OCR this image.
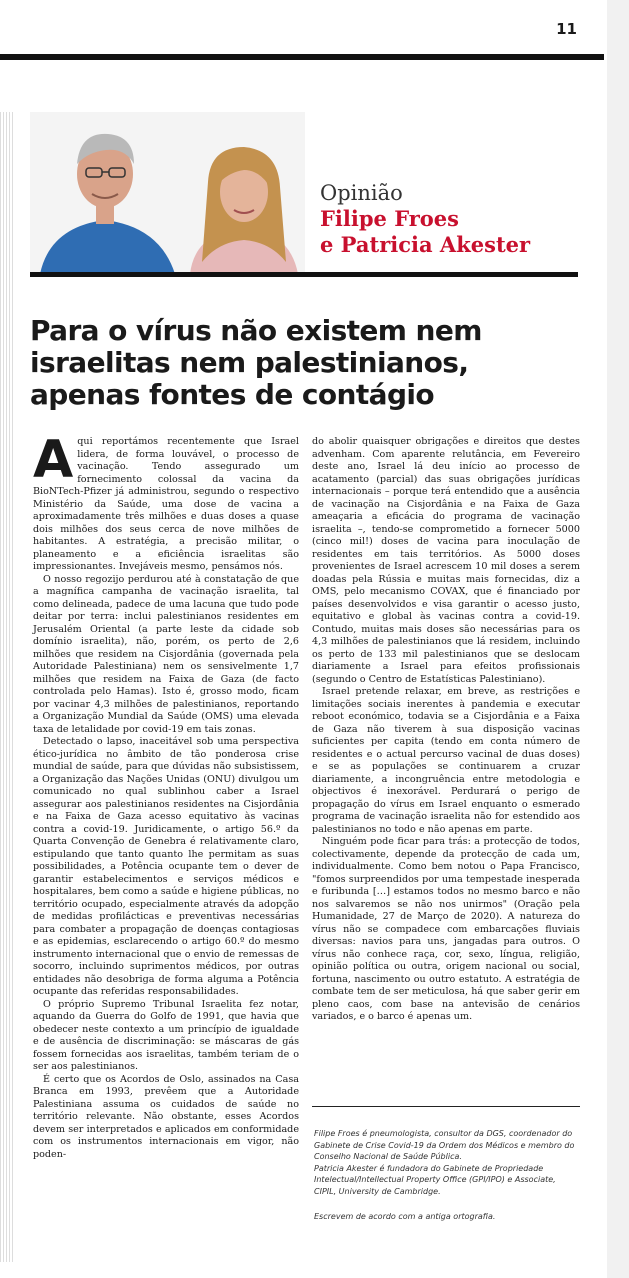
11
Opinião
Filipe Froes
e Patricia Akester
Para o vírus não existem nem israelitas nem palestinianos, apenas fontes de contágio

Aqui reportámos recentemente que Israel lidera, de forma louvável, o processo de vacinação. Tendo assegurado um fornecimento colossal da vacina da BioNTech-Pfizer já administrou, segundo o respectivo Ministério da Saúde, uma dose de vacina a aproximadamente três milhões e duas doses a quase dois milhões dos seus cerca de nove milhões de habitantes. A estratégia, a precisão militar, o planeamento e a eficiência israelitas são impressionantes. Invejáveis mesmo, pensámos nós.

O nosso regozijo perdurou até à constatação de que a magnífica campanha de vacinação israelita, tal como delineada, padece de uma lacuna que tudo pode deitar por terra: inclui palestinianos residentes em Jerusalém Oriental (a parte leste da cidade sob domínio israelita), não, porém, os perto de 2,6 milhões que residem na Cisjordânia (governada pela Autoridade Palestiniana) nem os sensivelmente 1,7 milhões que residem na Faixa de Gaza (de facto controlada pelo Hamas). Isto é, grosso modo, ficam por vacinar 4,3 milhões de palestinianos, reportando a Organização Mundial da Saúde (OMS) uma elevada taxa de letalidade por covid-19 em tais zonas.

Detectado o lapso, inaceitável sob uma perspectiva ético-jurídica no âmbito de tão ponderosa crise mundial de saúde, para que dúvidas não subsistissem, a Organização das Nações Unidas (ONU) divulgou um comunicado no qual sublinhou caber a Israel assegurar aos palestinianos residentes na Cisjordânia e na Faixa de Gaza acesso equitativo às vacinas contra a covid-19. Juridicamente, o artigo 56.º da Quarta Convenção de Genebra é relativamente claro, estipulando que tanto quanto lhe permitam as suas possibilidades, a Potência ocupante tem o dever de garantir estabelecimentos e serviços médicos e hospitalares, bem como a saúde e higiene públicas, no território ocupado, especialmente através da adopção de medidas profilácticas e preventivas necessárias para combater a propagação de doenças contagiosas e as epidemias, esclarecendo o artigo 60.º do mesmo instrumento internacional que o envio de remessas de socorro, incluindo suprimentos médicos, por outras entidades não desobriga de forma alguma a Potência ocupante das referidas responsabilidades.

O próprio Supremo Tribunal Israelita fez notar, aquando da Guerra do Golfo de 1991, que havia que obedecer neste contexto a um princípio de igualdade e de ausência de discriminação: se máscaras de gás fossem fornecidas aos israelitas, também teriam de o ser aos palestinianos.

É certo que os Acordos de Oslo, assinados na Casa Branca em 1993, prevêem que a Autoridade Palestiniana assuma os cuidados de saúde no território relevante. Não obstante, esses Acordos devem ser interpretados e aplicados em conformidade com os instrumentos internacionais em vigor, não poden-

do abolir quaisquer obrigações e direitos que destes advenham. Com aparente relutância, em Fevereiro deste ano, Israel lá deu início ao processo de acatamento (parcial) das suas obrigações jurídicas internacionais – porque terá entendido que a ausência de vacinação na Cisjordânia e na Faixa de Gaza ameaçaria a eficácia do programa de vacinação israelita –, tendo-se comprometido a fornecer 5000 (cinco mil!) doses de vacina para inoculação de residentes em tais territórios. As 5000 doses provenientes de Israel acrescem 10 mil doses a serem doadas pela Rússia e muitas mais fornecidas, diz a OMS, pelo mecanismo COVAX, que é financiado por países desenvolvidos e visa garantir o acesso justo, equitativo e global às vacinas contra a covid-19. Contudo, muitas mais doses são necessárias para os 4,3 milhões de palestinianos que lá residem, incluindo os perto de 133 mil palestinianos que se deslocam diariamente a Israel para efeitos profissionais (segundo o Centro de Estatísticas Palestiniano).

Israel pretende relaxar, em breve, as restrições e limitações sociais inerentes à pandemia e executar reboot económico, todavia se a Cisjordânia e a Faixa de Gaza não tiverem à sua disposição vacinas suficientes per capita (tendo em conta número de residentes e o actual percurso vacinal de duas doses) e se as populações se continuarem a cruzar diariamente, a incongruência entre metodologia e objectivos é inexorável. Perdurará o perigo de propagação do vírus em Israel enquanto o esmerado programa de vacinação israelita não for estendido aos palestinianos no todo e não apenas em parte.

Ninguém pode ficar para trás: a protecção de todos, colectivamente, depende da protecção de cada um, individualmente. Como bem notou o Papa Francisco, "fomos surpreendidos por uma tempestade inesperada e furibunda […] estamos todos no mesmo barco e não nos salvaremos se não nos unirmos" (Oração pela Humanidade, 27 de Março de 2020). A natureza do vírus não se compadece com embarcações fluviais diversas: navios para uns, jangadas para outros. O vírus não conhece raça, cor, sexo, língua, religião, opinião política ou outra, origem nacional ou social, fortuna, nascimento ou outro estatuto. A estratégia de combate tem de ser meticulosa, há que saber gerir em pleno caos, com base na antevisão de cenários variados, e o barco é apenas um.

Filipe Froes é pneumologista, consultor da DGS, coordenador do Gabinete de Crise Covid-19 da Ordem dos Médicos e membro do Conselho Nacional de Saúde Pública.

Patricia Akester é fundadora do Gabinete de Propriedade Intelectual/Intellectual Property Office (GPI/IPO) e Associate, CIPIL, University de Cambridge.

Escrevem de acordo com a antiga ortografia.
